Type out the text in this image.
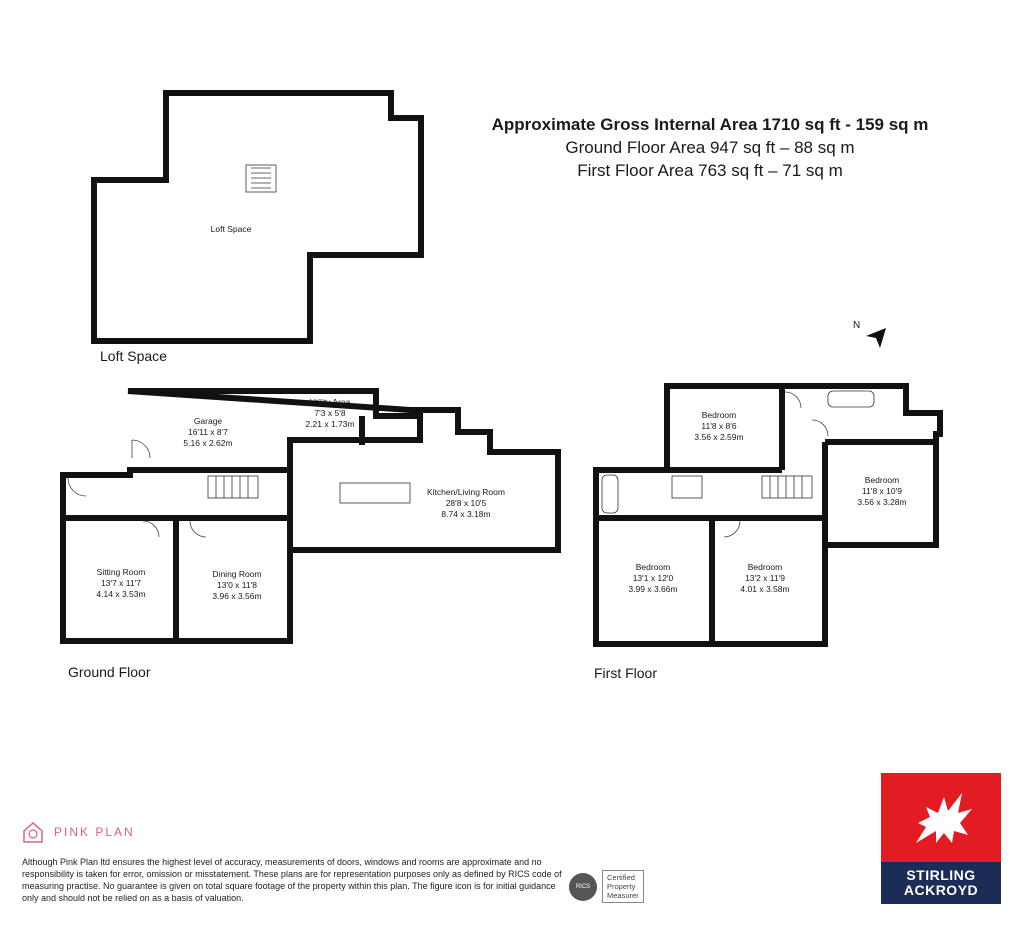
Approximate Gross Internal Area 1710 sq ft - 159 sq m
Ground Floor Area 947 sq ft – 88 sq m
First Floor Area 763 sq ft – 71 sq m
Loft Space
Garage
16'11 x 8'7
5.16 x 2.62m
Utility Area
7'3 x 5'8
2.21 x 1.73m
Kitchen/Living Room
28'8 x 10'5
8.74 x 3.18m
Sitting Room
13'7 x 11'7
4.14 x 3.53m
Dining Room
13'0 x 11'8
3.96 x 3.56m
Bedroom
11'8 x 8'6
3.56 x 2.59m
Bedroom
11'8 x 10'9
3.56 x 3.28m
Bedroom
13'1 x 12'0
3.99 x 3.66m
Bedroom
13'2 x 11'9
4.01 x 3.58m
N
Loft Space
Ground Floor	First Floor
PINK PLAN
Although Pink Plan ltd ensures the highest level of accuracy, measurements of doors, windows and rooms are approximate and no responsibility is taken for error, omission or misstatement. These plans are for representation purposes only as defined by RICS code of measuring practise. No guarantee is given on total square footage of the property within this plan. The figure icon is for initial guidance only and should not be relied on as a basis of valuation.
RICS
Certified
Property
Measurer
STIRLING
ACKROYD
